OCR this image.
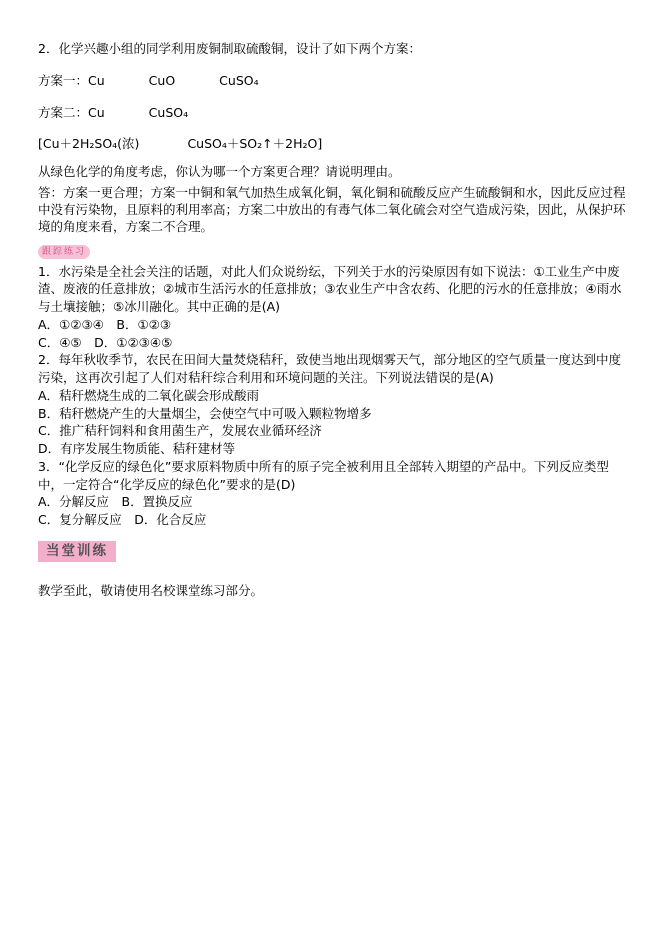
2．化学兴趣小组的同学利用废铜制取硫酸铜，设计了如下两个方案：
方案一：Cu	CuO	CuSO₄
方案二：Cu	CuSO₄
[Cu＋2H₂SO₄(浓)	CuSO₄＋SO₂↑＋2H₂O]
从绿色化学的角度考虑，你认为哪一个方案更合理？请说明理由。
答：方案一更合理；方案一中铜和氧气加热生成氧化铜，氧化铜和硫酸反应产生硫酸铜和水，因此反应过程中没有污染物，且原料的利用率高；方案二中放出的有毒气体二氧化硫会对空气造成污染，因此，从保护环境的角度来看，方案二不合理。
跟踪练习
1．水污染是全社会关注的话题，对此人们众说纷纭，下列关于水的污染原因有如下说法：①工业生产中废渣、废液的任意排放；②城市生活污水的任意排放；③农业生产中含农药、化肥的污水的任意排放；④雨水与土壤接触；⑤冰川融化。其中正确的是(A)
A．①②③④　B．①②③
C．④⑤　D．①②③④⑤
2．每年秋收季节，农民在田间大量焚烧秸秆，致使当地出现烟雾天气，部分地区的空气质量一度达到中度污染，这再次引起了人们对秸秆综合利用和环境问题的关注。下列说法错误的是(A)
A．秸秆燃烧生成的二氧化碳会形成酸雨
B．秸秆燃烧产生的大量烟尘，会使空气中可吸入颗粒物增多
C．推广秸秆饲料和食用菌生产，发展农业循环经济
D．有序发展生物质能、秸秆建材等
3．“化学反应的绿色化”要求原料物质中所有的原子完全被利用且全部转入期望的产品中。下列反应类型中，一定符合“化学反应的绿色化”要求的是(D)
A．分解反应　B．置换反应
C．复分解反应　D．化合反应
当堂训练
教学至此，敬请使用名校课堂练习部分。
